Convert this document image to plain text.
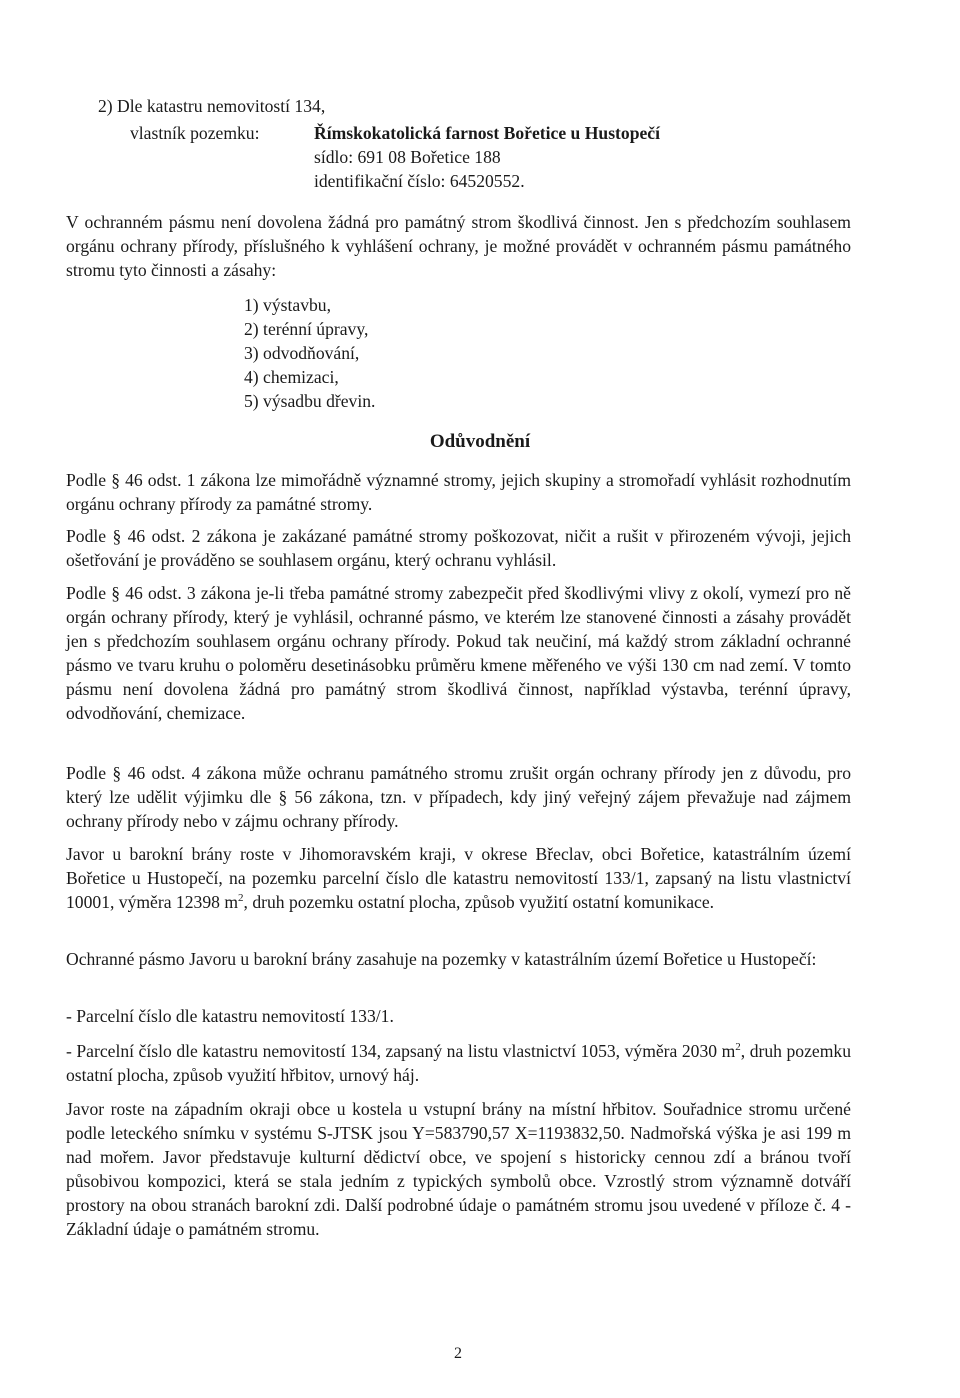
2) Dle katastru nemovitostí 134,

vlastník pozemku:	Římskokatolická farnost Bořetice u Hustopečí
sídlo: 691 08 Bořetice 188
identifikační číslo: 64520552.

V ochranném pásmu není dovolena žádná pro památný strom škodlivá činnost. Jen s předchozím souhlasem orgánu ochrany přírody, příslušného k vyhlášení ochrany, je možné provádět v ochranném pásmu památného stromu tyto činnosti a zásahy:

1) výstavbu,
2) terénní úpravy,
3) odvodňování,
4) chemizaci,
5) výsadbu dřevin.
Odůvodnění

Podle § 46 odst. 1 zákona lze mimořádně významné stromy, jejich skupiny a stromořadí vyhlásit rozhodnutím orgánu ochrany přírody za památné stromy.

Podle § 46 odst. 2 zákona je zakázané památné stromy poškozovat, ničit a rušit v přirozeném vývoji, jejich ošetřování je prováděno se souhlasem orgánu, který ochranu vyhlásil.

Podle § 46 odst. 3 zákona je-li třeba památné stromy zabezpečit před škodlivými vlivy z okolí, vymezí pro ně orgán ochrany přírody, který je vyhlásil, ochranné pásmo, ve kterém lze stanovené činnosti a zásahy provádět jen s předchozím souhlasem orgánu ochrany přírody. Pokud tak neučiní, má každý strom základní ochranné pásmo ve tvaru kruhu o poloměru desetinásobku průměru kmene měřeného ve výši 130 cm nad zemí. V tomto pásmu není dovolena žádná pro památný strom škodlivá činnost, například výstavba, terénní úpravy, odvodňování, chemizace.

Podle § 46 odst. 4 zákona může ochranu památného stromu zrušit orgán ochrany přírody jen z důvodu, pro který lze udělit výjimku dle § 56 zákona, tzn. v případech, kdy jiný veřejný zájem převažuje nad zájmem ochrany přírody nebo v zájmu ochrany přírody.

Javor u barokní brány roste v Jihomoravském kraji, v okrese Břeclav, obci Bořetice, katastrálním území Bořetice u Hustopečí, na pozemku parcelní číslo dle katastru nemovitostí 133/1, zapsaný na listu vlastnictví 10001, výměra 12398 $m^2$, druh pozemku ostatní plocha, způsob využití ostatní komunikace.

Ochranné pásmo Javoru u barokní brány zasahuje na pozemky v katastrálním území Bořetice u Hustopečí:

- Parcelní číslo dle katastru nemovitostí 133/1.

- Parcelní číslo dle katastru nemovitostí 134, zapsaný na listu vlastnictví 1053, výměra 2030 $m^2$, druh pozemku ostatní plocha, způsob využití hřbitov, urnový háj.

Javor roste na západním okraji obce u kostela u vstupní brány na místní hřbitov. Souřadnice stromu určené podle leteckého snímku v systému S-JTSK jsou Y=583790,57 X=1193832,50. Nadmořská výška je asi 199 m nad mořem. Javor představuje kulturní dědictví obce, ve spojení s historicky cennou zdí a bránou tvoří působivou kompozici, která se stala jedním z typických symbolů obce. Vzrostlý strom významně dotváří prostory na obou stranách barokní zdi. Další podrobné údaje o památném stromu jsou uvedené v příloze č. 4 - Základní údaje o památném stromu.

2
